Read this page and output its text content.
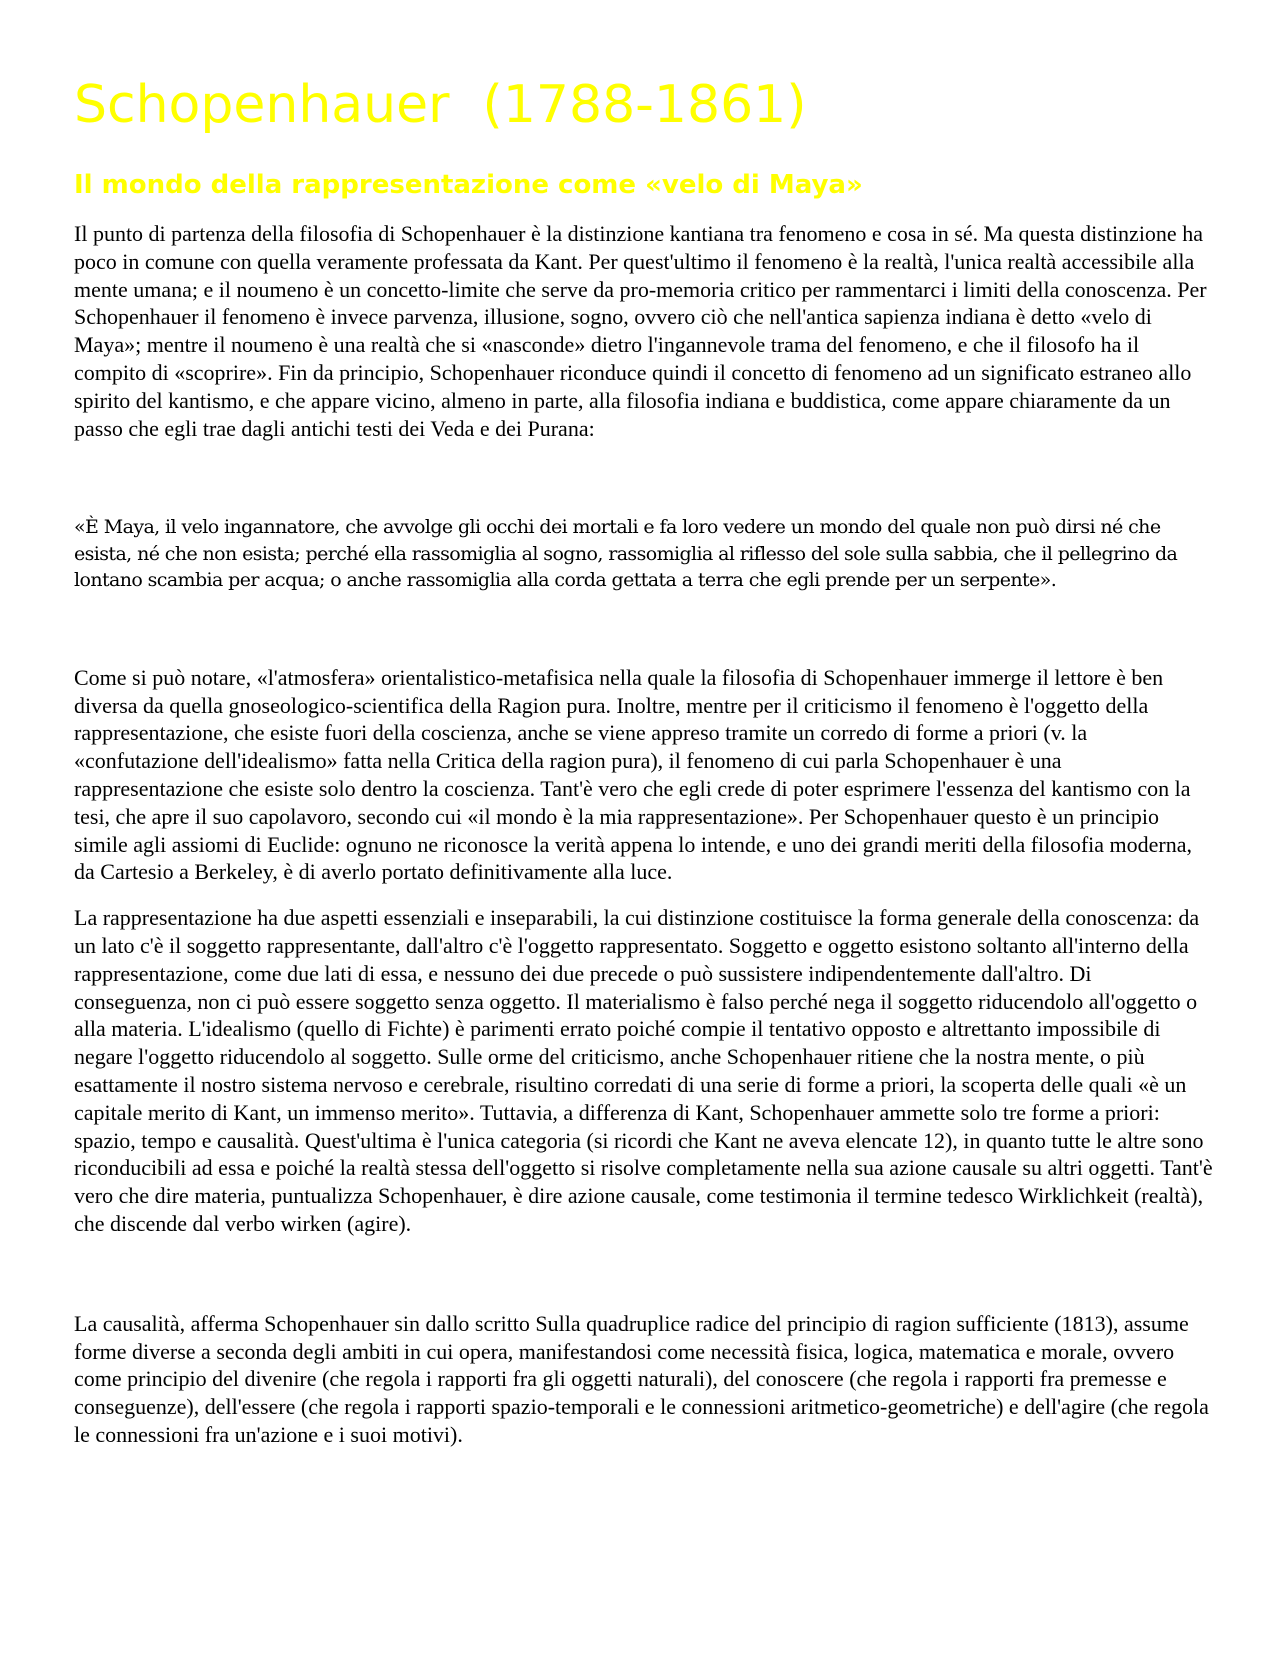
Schopenhauer  (1788-1861)
Il mondo della rappresentazione come «velo di Maya»

Il punto di partenza della filosofia di Schopenhauer è la distinzione kantiana tra fenomeno e cosa in sé. Ma questa distinzione ha poco in comune con quella veramente professata da Kant. Per quest'ultimo il fenomeno è la realtà, l'unica realtà accessibile alla mente umana; e il noumeno è un concetto-limite che serve da pro-memoria critico per rammentarci i limiti della conoscenza. Per Schopenhauer il fenomeno è invece parvenza, illusione, sogno, ovvero ciò che nell'antica sapienza indiana è detto «velo di Maya»; mentre il noumeno è una realtà che si «nasconde» dietro l'ingannevole trama del fenomeno, e che il filosofo ha il compito di «scoprire». Fin da principio, Schopenhauer riconduce quindi il concetto di fenomeno ad un significato estraneo allo spirito del kantismo, e che appare vicino, almeno in parte, alla filosofia indiana e buddistica, come appare chiaramente da un passo che egli trae dagli antichi testi dei Veda e dei Purana:

«È Maya, il velo ingannatore, che avvolge gli occhi dei mortali e fa loro vedere un mondo del quale non può dirsi né che esista, né che non esista; perché ella rassomiglia al sogno, rassomiglia al riflesso del sole sulla sabbia, che il pellegrino da lontano scambia per acqua; o anche rassomiglia alla corda gettata a terra che egli prende per un serpente».

Come si può notare, «l'atmosfera» orientalistico-metafisica nella quale la filosofia di Schopenhauer immerge il lettore è ben diversa da quella gnoseologico-scientifica della Ragion pura. Inoltre, mentre per il criticismo il fenomeno è l'oggetto della rappresentazione, che esiste fuori della coscienza, anche se viene appreso tramite un corredo di forme a priori (v. la «confutazione dell'idealismo» fatta nella Critica della ragion pura), il fenomeno di cui parla Schopenhauer è una rappresentazione che esiste solo dentro la coscienza. Tant'è vero che egli crede di poter esprimere l'essenza del kantismo con la tesi, che apre il suo capolavoro, secondo cui «il mondo è la mia rappresentazione». Per Schopenhauer questo è un principio simile agli assiomi di Euclide: ognuno ne riconosce la verità appena lo intende, e uno dei grandi meriti della filosofia moderna, da Cartesio a Berkeley, è di averlo portato definitivamente alla luce.

La rappresentazione ha due aspetti essenziali e inseparabili, la cui distinzione costituisce la forma generale della conoscenza: da un lato c'è il soggetto rappresentante, dall'altro c'è l'oggetto rappresentato. Soggetto e oggetto esistono soltanto all'interno della rappresentazione, come due lati di essa, e nessuno dei due precede o può sussistere indipendentemente dall'altro. Di conseguenza, non ci può essere soggetto senza oggetto. Il materialismo è falso perché nega il soggetto riducendolo all'oggetto o alla materia. L'idealismo (quello di Fichte) è parimenti errato poiché compie il tentativo opposto e altrettanto impossibile di negare l'oggetto riducendolo al soggetto. Sulle orme del criticismo, anche Schopenhauer ritiene che la nostra mente, o più esattamente il nostro sistema nervoso e cerebrale, risultino corredati di una serie di forme a priori, la scoperta delle quali «è un capitale merito di Kant, un immenso merito». Tuttavia, a differenza di Kant, Schopenhauer ammette solo tre forme a priori: spazio, tempo e causalità. Quest'ultima è l'unica categoria (si ricordi che Kant ne aveva elencate 12), in quanto tutte le altre sono riconducibili ad essa e poiché la realtà stessa dell'oggetto si risolve completamente nella sua azione causale su altri oggetti. Tant'è vero che dire materia, puntualizza Schopenhauer, è dire azione causale, come testimonia il termine tedesco Wirklichkeit (realtà), che discende dal verbo wirken (agire).

La causalità, afferma Schopenhauer sin dallo scritto Sulla quadruplice radice del principio di ragion sufficiente (1813), assume forme diverse a seconda degli ambiti in cui opera, manifestandosi come necessità fisica, logica, matematica e morale, ovvero come principio del divenire (che regola i rapporti fra gli oggetti naturali), del conoscere (che regola i rapporti fra premesse e conseguenze), dell'essere (che regola i rapporti spazio-temporali e le connessioni aritmetico-geometriche) e dell'agire (che regola le connessioni fra un'azione e i suoi motivi).
